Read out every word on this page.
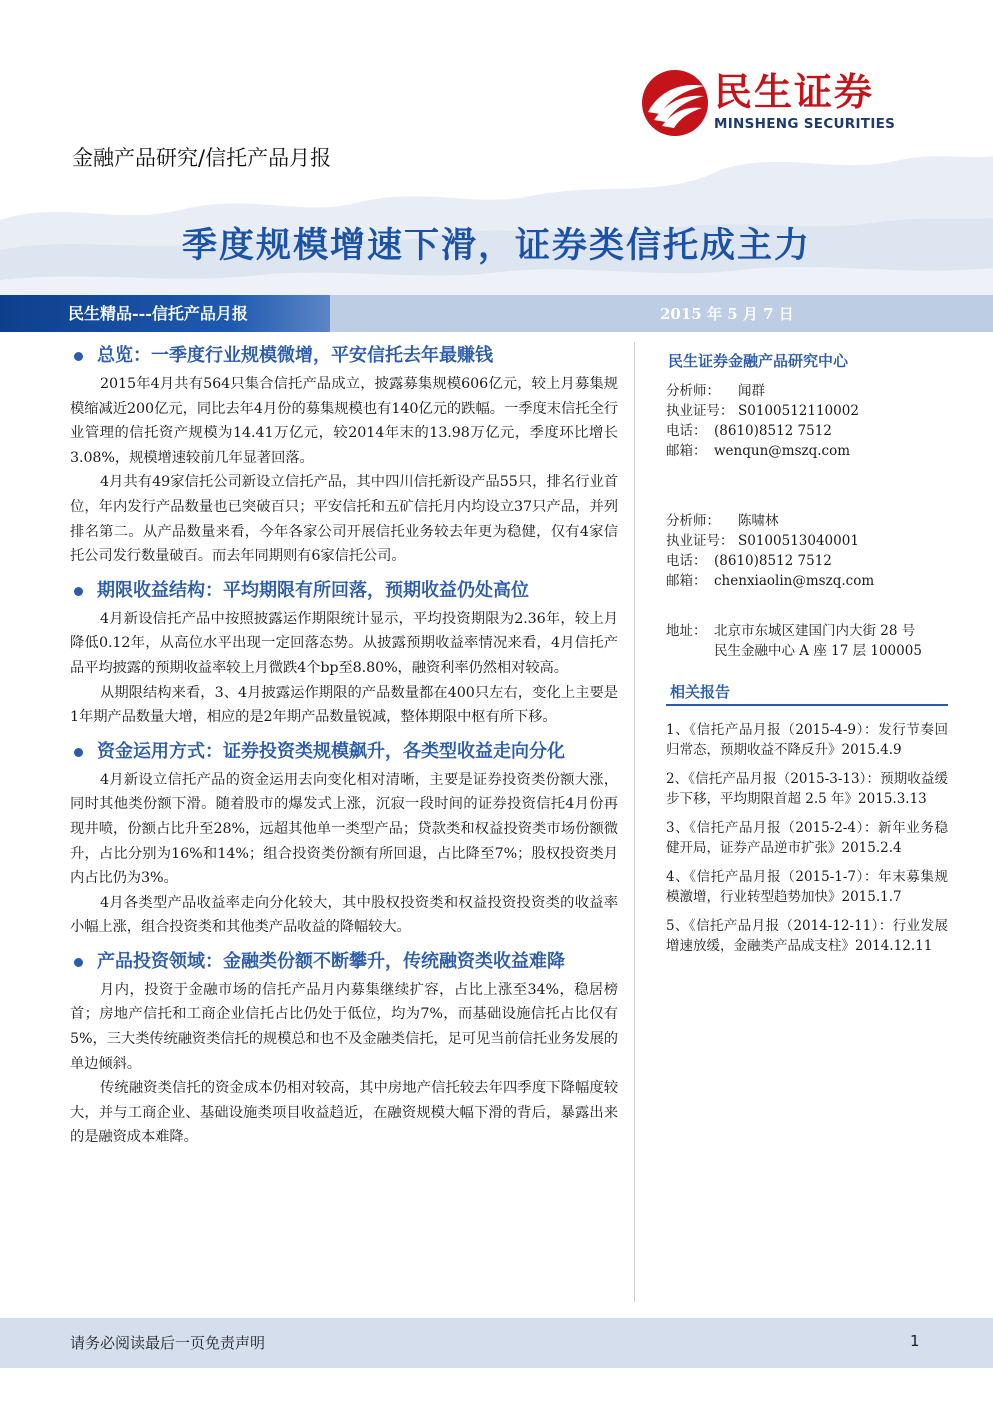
民生证券
MINSHENG SECURITIES
金融产品研究/信托产品月报
季度规模增速下滑，证券类信托成主力
民生精品---信托产品月报	2015 年 5 月 7 日
总览：一季度行业规模微增，平安信托去年最赚钱

2015年4月共有564只集合信托产品成立，披露募集规模606亿元，较上月募集规模缩减近200亿元，同比去年4月份的募集规模也有140亿元的跌幅。一季度末信托全行业管理的信托资产规模为14.41万亿元，较2014年末的13.98万亿元，季度环比增长3.08%，规模增速较前几年显著回落。

4月共有49家信托公司新设立信托产品，其中四川信托新设产品55只，排名行业首位，年内发行产品数量也已突破百只；平安信托和五矿信托月内均设立37只产品，并列排名第二。从产品数量来看，今年各家公司开展信托业务较去年更为稳健，仅有4家信托公司发行数量破百。而去年同期则有6家信托公司。

期限收益结构：平均期限有所回落，预期收益仍处高位

4月新设信托产品中按照披露运作期限统计显示，平均投资期限为2.36年，较上月降低0.12年，从高位水平出现一定回落态势。从披露预期收益率情况来看，4月信托产品平均披露的预期收益率较上月微跌4个bp至8.80%，融资利率仍然相对较高。

从期限结构来看，3、4月披露运作期限的产品数量都在400只左右，变化上主要是1年期产品数量大增，相应的是2年期产品数量锐减，整体期限中枢有所下移。

资金运用方式：证券投资类规模飙升，各类型收益走向分化

4月新设立信托产品的资金运用去向变化相对清晰，主要是证券投资类份额大涨，同时其他类份额下滑。随着股市的爆发式上涨，沉寂一段时间的证券投资信托4月份再现井喷，份额占比升至28%，远超其他单一类型产品；贷款类和权益投资类市场份额微升，占比分别为16%和14%；组合投资类份额有所回退，占比降至7%；股权投资类月内占比仍为3%。

4月各类型产品收益率走向分化较大，其中股权投资类和权益投资投资类的收益率小幅上涨，组合投资类和其他类产品收益的降幅较大。

产品投资领域：金融类份额不断攀升，传统融资类收益难降

月内，投资于金融市场的信托产品月内募集继续扩容，占比上涨至34%，稳居榜首；房地产信托和工商企业信托占比仍处于低位，均为7%，而基础设施信托占比仅有5%，三大类传统融资类信托的规模总和也不及金融类信托，足可见当前信托业务发展的单边倾斜。

传统融资类信托的资金成本仍相对较高，其中房地产信托较去年四季度下降幅度较大，并与工商企业、基础设施类项目收益趋近，在融资规模大幅下滑的背后，暴露出来的是融资成本难降。

民生证券金融产品研究中心
分析师： 闻群
执业证号： S0100512110002
电话： (8610)8512 7512
邮箱： wenqun@mszq.com
分析师： 陈啸林
执业证号： S0100513040001
电话： (8610)8512 7512
邮箱： chenxiaolin@mszq.com
地址： 北京市东城区建国门内大街 28 号
民生金融中心 A 座 17 层 100005
相关报告
1、《信托产品月报（2015-4-9）：发行节奏回归常态，预期收益不降反升》2015.4.9
2、《信托产品月报（2015-3-13）：预期收益缓步下移，平均期限首超 2.5 年》2015.3.13
3、《信托产品月报（2015-2-4）：新年业务稳健开局，证券产品逆市扩张》2015.2.4
4、《信托产品月报（2015-1-7）：年末募集规模激增，行业转型趋势加快》2015.1.7
5、《信托产品月报（2014-12-11）：行业发展增速放缓，金融类产品成支柱》2014.12.11
请务必阅读最后一页免责声明	1
